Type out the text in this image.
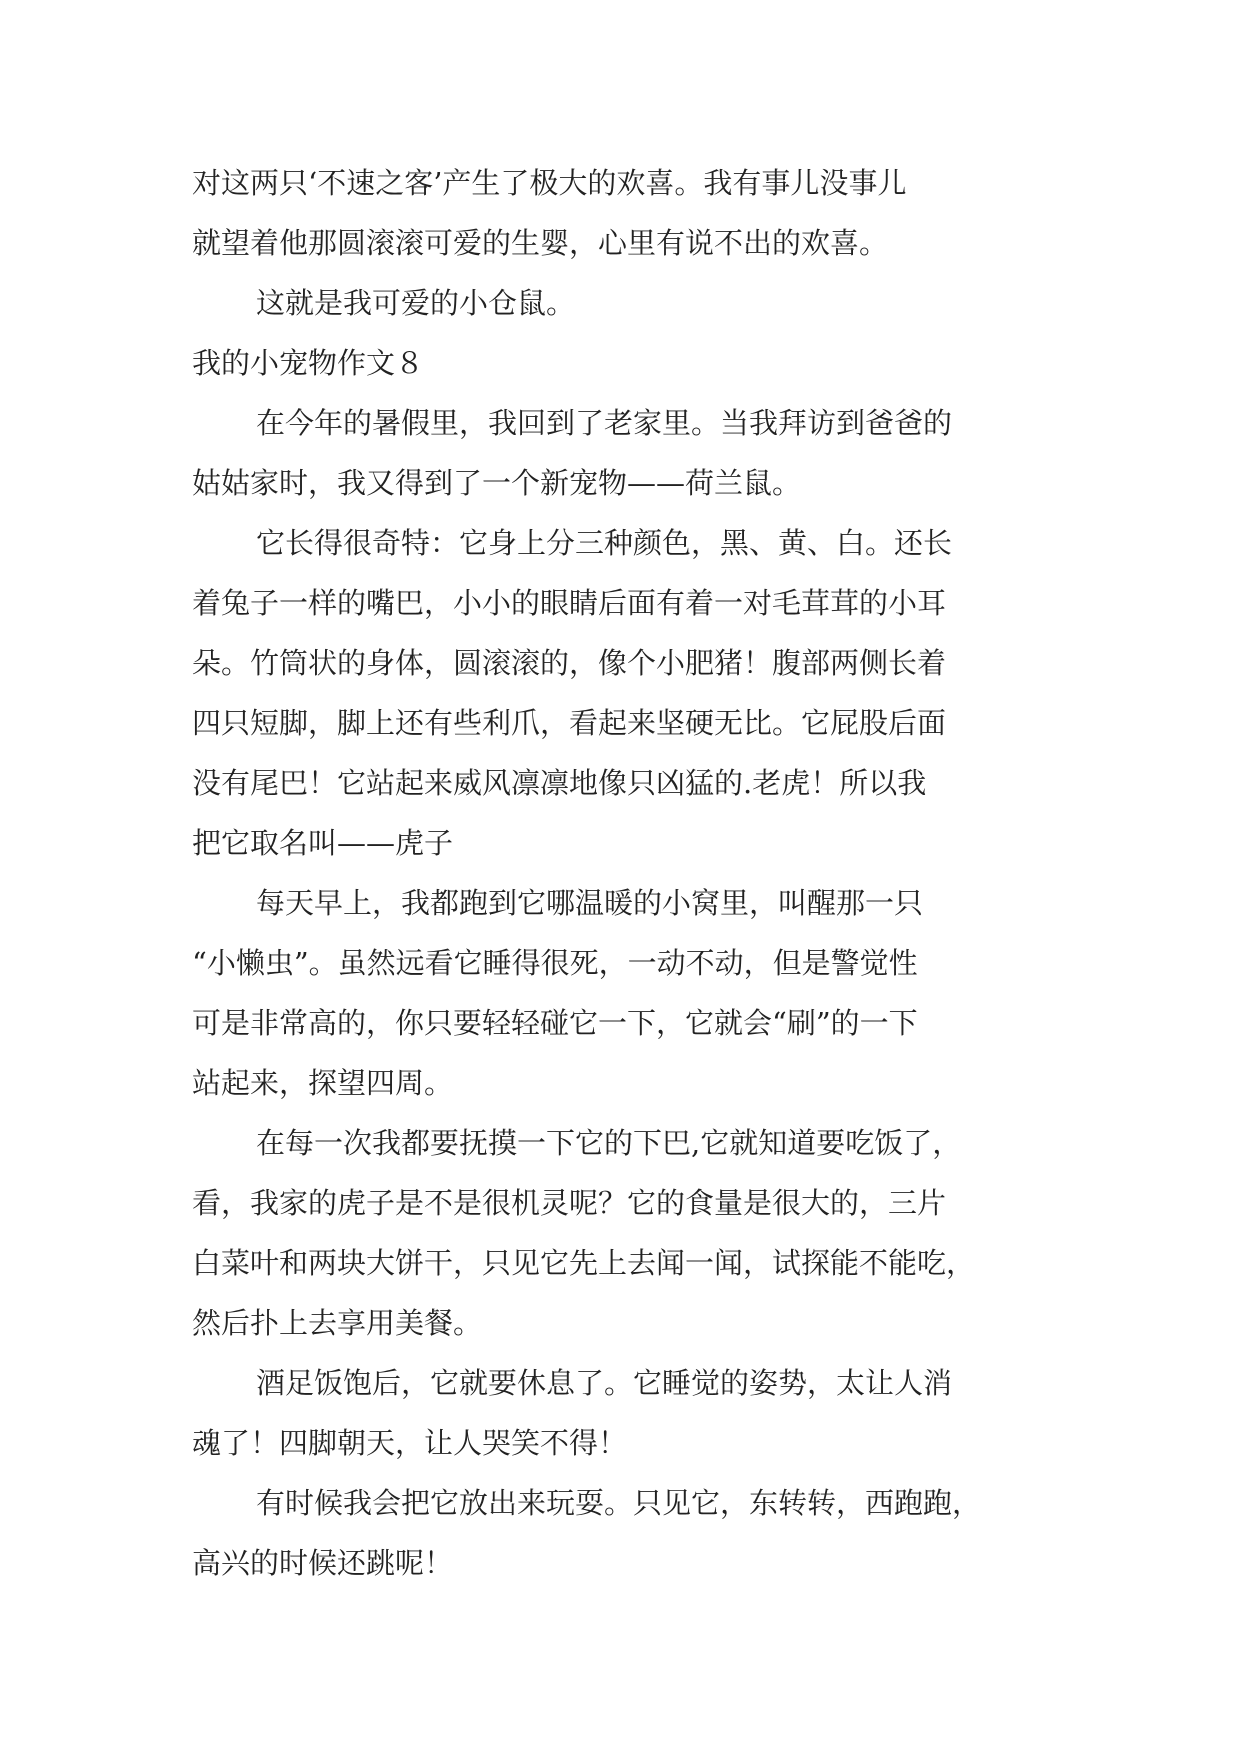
对这两只‘不速之客’产生了极大的欢喜。我有事儿没事儿
就望着他那圆滚滚可爱的生婴，心里有说不出的欢喜。
这就是我可爱的小仓鼠。
我的小宠物作文８
在今年的暑假里，我回到了老家里。当我拜访到爸爸的
姑姑家时，我又得到了一个新宠物——荷兰鼠。
它长得很奇特：它身上分三种颜色，黑、黄、白。还长
着兔子一样的嘴巴，小小的眼睛后面有着一对毛茸茸的小耳
朵。竹筒状的身体，圆滚滚的，像个小肥猪！腹部两侧长着
四只短脚，脚上还有些利爪，看起来坚硬无比。它屁股后面
没有尾巴！它站起来威风凛凛地像只凶猛的.老虎！所以我
把它取名叫——虎子
每天早上，我都跑到它哪温暖的小窝里，叫醒那一只
“小懒虫”。虽然远看它睡得很死，一动不动，但是警觉性
可是非常高的，你只要轻轻碰它一下，它就会“刷”的一下
站起来，探望四周。
在每一次我都要抚摸一下它的下巴,它就知道要吃饭了，
看，我家的虎子是不是很机灵呢？它的食量是很大的，三片
白菜叶和两块大饼干，只见它先上去闻一闻，试探能不能吃，
然后扑上去享用美餐。
酒足饭饱后，它就要休息了。它睡觉的姿势，太让人消
魂了！四脚朝天，让人哭笑不得！
有时候我会把它放出来玩耍。只见它，东转转，西跑跑，
高兴的时候还跳呢！
